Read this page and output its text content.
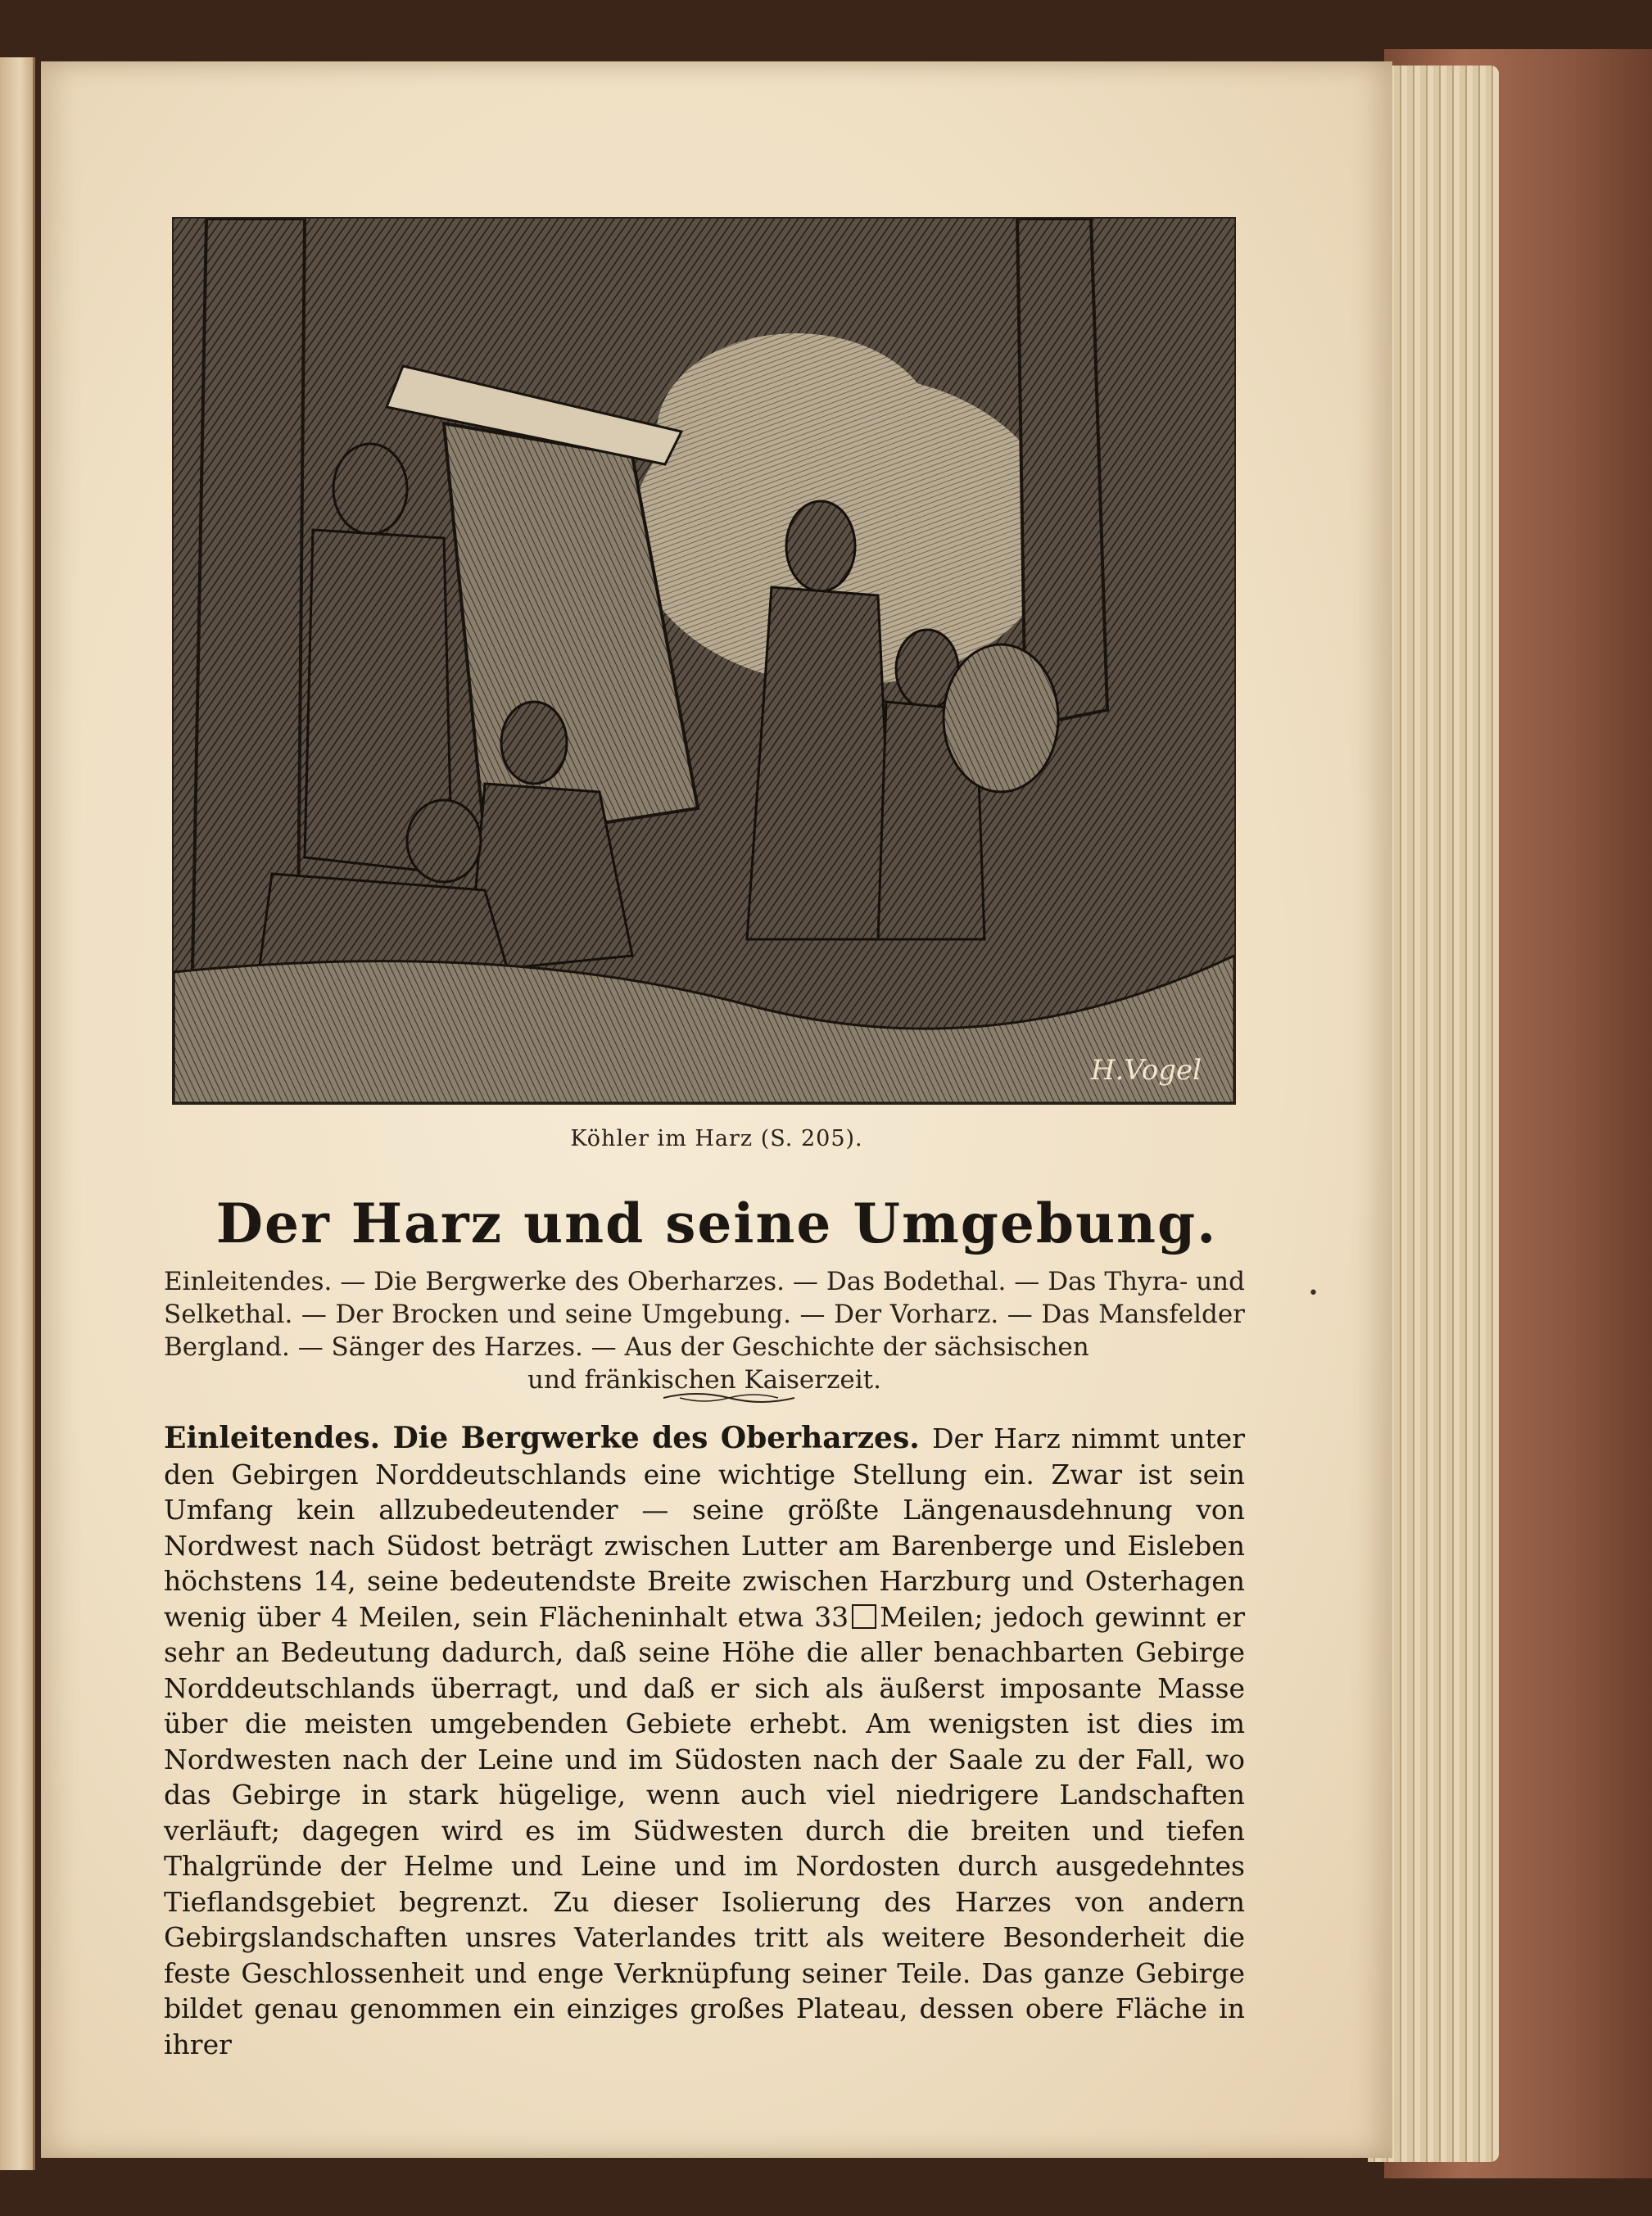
H.Vogel
Köhler im Harz (S. 205).
Der Harz und seine Umgebung.
Einleitendes. — Die Bergwerke des Oberharzes. — Das Bodethal. — Das Thyra- und Selkethal. — Der Brocken und seine Umgebung. — Der Vorharz. — Das Mansfelder Bergland. — Sänger des Harzes. — Aus der Geschichte der sächsischen
und fränkischen Kaiserzeit.
•
Einleitendes. Die Bergwerke des Oberharzes. Der Harz nimmt unter den Gebirgen Norddeutschlands eine wichtige Stellung ein. Zwar ist sein Umfang kein allzubedeutender — seine größte Längenausdehnung von Nordwest nach Südost beträgt zwischen Lutter am Barenberge und Eisleben höchstens 14, seine bedeutendste Breite zwischen Harzburg und Osterhagen wenig über 4 Meilen, sein Flächeninhalt etwa 33 Meilen; jedoch gewinnt er sehr an Bedeutung dadurch, daß seine Höhe die aller benachbarten Gebirge Norddeutschlands überragt, und daß er sich als äußerst imposante Masse über die meisten umgebenden Gebiete erhebt. Am wenigsten ist dies im Nordwesten nach der Leine und im Südosten nach der Saale zu der Fall, wo das Gebirge in stark hügelige, wenn auch viel niedrigere Landschaften verläuft; dagegen wird es im Südwesten durch die breiten und tiefen Thalgründe der Helme und Leine und im Nordosten durch ausgedehntes Tieflandsgebiet begrenzt. Zu dieser Isolierung des Harzes von andern Gebirgslandschaften unsres Vaterlandes tritt als weitere Besonderheit die feste Geschlossenheit und enge Verknüpfung seiner Teile. Das ganze Gebirge bildet genau genommen ein einziges großes Plateau, dessen obere Fläche in ihrer
